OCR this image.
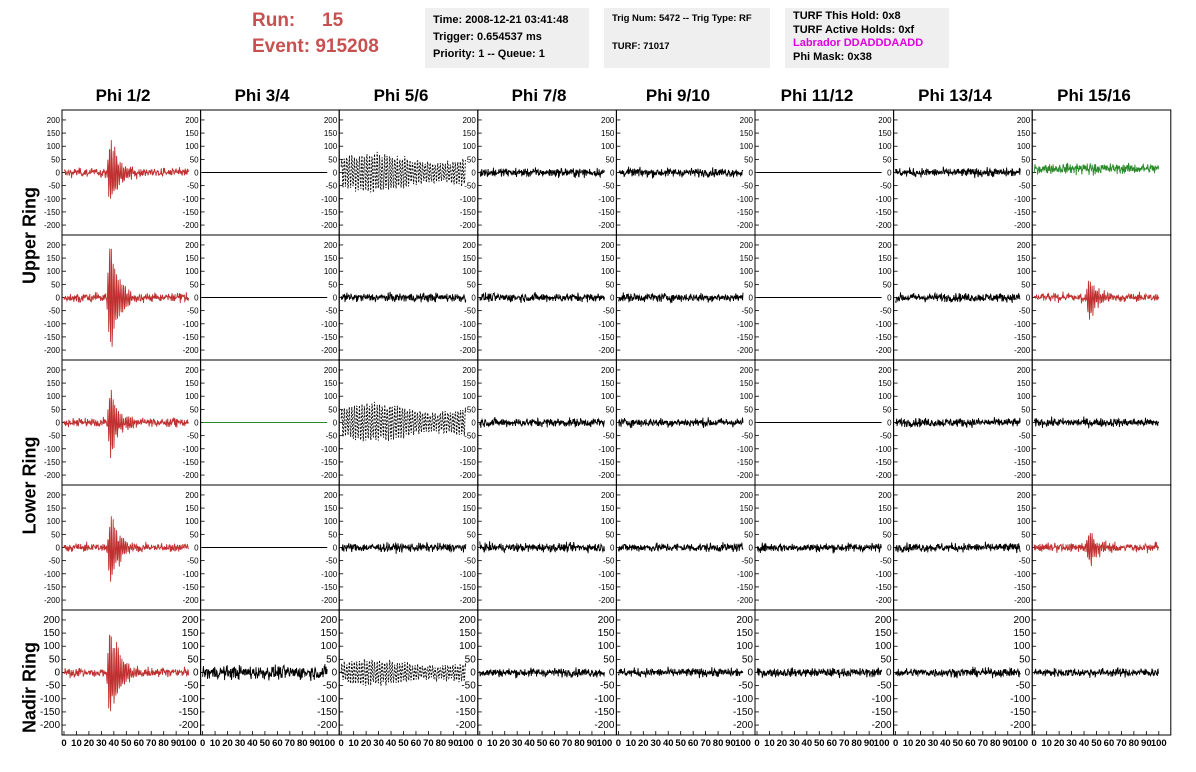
Run: 15
Event: 915208
Time: 2008-12-21 03:41:48
Trigger: 0.654537 ms
Priority: 1 -- Queue: 1
Trig Num: 5472 -- Trig Type: RF
TURF: 71017
TURF This Hold: 0x8
TURF Active Holds: 0xf
Labrador DDADDDAADD
Phi Mask: 0x38
Phi 1/2	Phi 3/4	Phi 5/6	Phi 7/8	Phi 9/10	Phi 11/12	Phi 13/14	Phi 15/16
Upper Ring
Lower Ring
Nadir Ring
200
150
100
50
0
-50
-100
-150
-200
200
150
100
50
0
-50
-100
-150
-200
200
150
100
50
0
-50
-100
-150
-200
200
150
100
50
0
-50
-100
-150
-200
200
150
100
50
0
-50
-100
-150
-200
200
150
100
50
0
-50
-100
-150
-200
200
150
100
50
0
-50
-100
-150
-200
200
150
100
50
0
-50
-100
-150
-200
200
150
100
50
0
-50
-100
-150
-200
200
150
100
50
0
-50
-100
-150
-200
200
150
100
50
0
-50
-100
-150
-200
200
150
100
50
0
-50
-100
-150
-200
200
150
100
50
0
-50
-100
-150
-200
200
150
100
50
0
-50
-100
-150
-200
200
150
100
50
0
-50
-100
-150
-200
200
150
100
50
0
-50
-100
-150
-200
200
150
100
50
0
-50
-100
-150
-200
200
150
100
50
0
-50
-100
-150
-200
200
150
100
50
0
-50
-100
-150
-200
200
150
100
50
0
-50
-100
-150
-200
200
150
100
50
0
-50
-100
-150
-200
200
150
100
50
0
-50
-100
-150
-200
200
150
100
50
0
-50
-100
-150
-200
200
150
100
50
0
-50
-100
-150
-200
200
150
100
50
0
-50
-100
-150
-200
200
150
100
50
0
-50
-100
-150
-200
200
150
100
50
0
-50
-100
-150
-200
200
150
100
50
0
-50
-100
-150
-200
200
150
100
50
0
-50
-100
-150
-200
200
150
100
50
0
-50
-100
-150
-200
200
150
100
50
0
-50
-100
-150
-200
200
150
100
50
0
-50
-100
-150
-200
200
150
100
50
0
-50
-100
-150
-200
200
150
100
50
0
-50
-100
-150
-200
200
150
100
50
0
-50
-100
-150
-200
200
150
100
50
0
-50
-100
-150
-200
200
150
100
50
0
-50
-100
-150
-200
200
150
100
50
0
-50
-100
-150
-200
200
150
100
50
0
-50
-100
-150
-200
200
150
100
50
0
-50
-100
-150
-200
0 10 20 30 40 50 60 70 80 90 100 0 10 20 30 40 50 60 70 80 90 100 0 10 20 30 40 50 60 70 80 90 100 0 10 20 30 40 50 60 70 80 90 100 0 10 20 30 40 50 60 70 80 90 100 0 10 20 30 40 50 60 70 80 90 100 0 10 20 30 40 50 60 70 80 90 100 0 10 20 30 40 50 60 70 80 90 100
